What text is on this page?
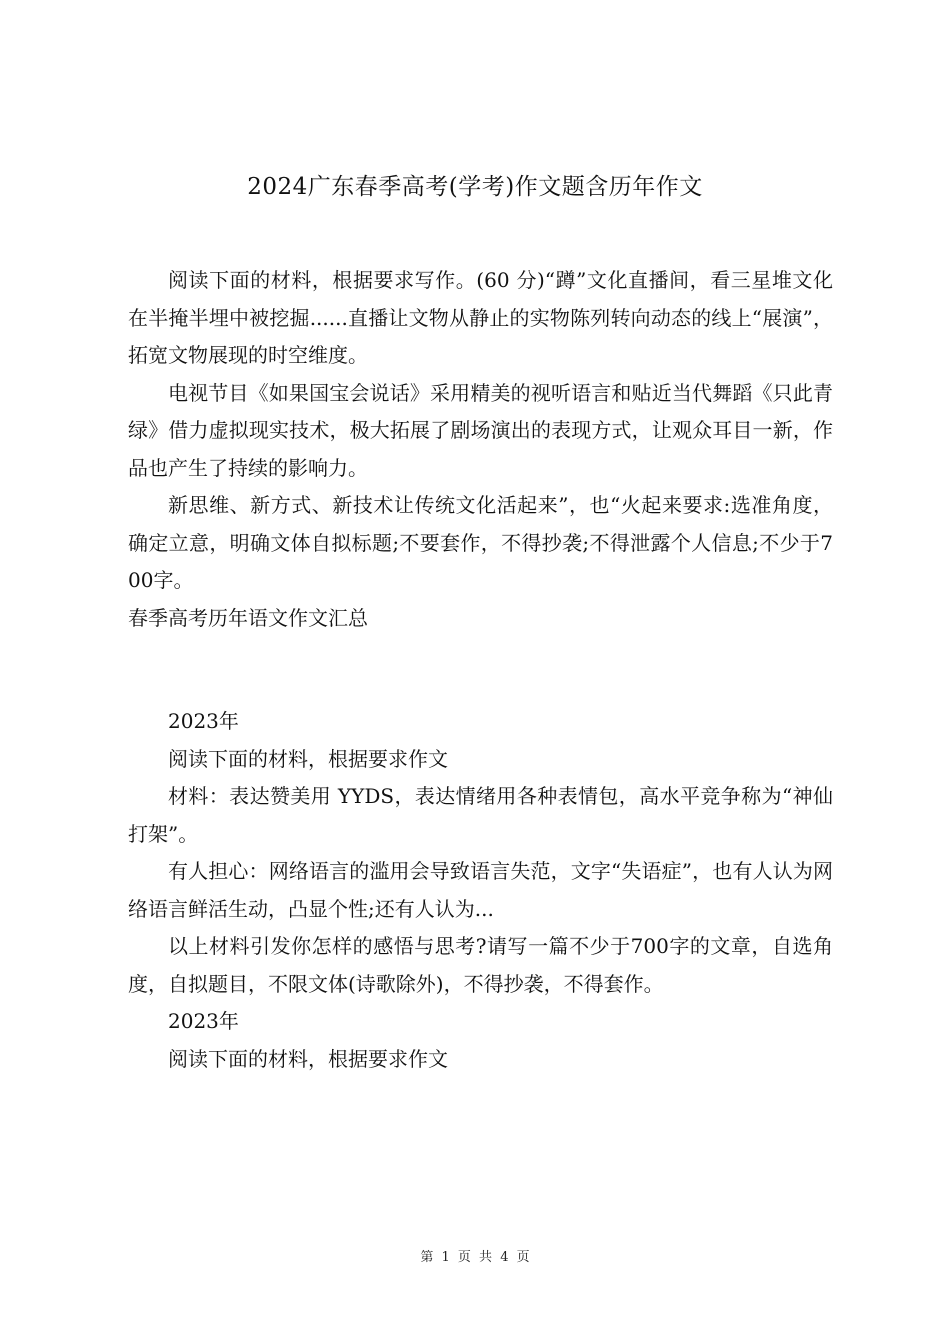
2024广东春季高考(学考)作文题含历年作文

阅读下面的材料，根据要求写作。(60 分)“蹲”文化直播间，看三星堆文化在半掩半埋中被挖掘......直播让文物从静止的实物陈列转向动态的线上“展演”，拓宽文物展现的时空维度。

电视节目《如果国宝会说话》采用精美的视听语言和贴近当代舞蹈《只此青绿》借力虚拟现实技术，极大拓展了剧场演出的表现方式，让观众耳目一新，作品也产生了持续的影响力。

新思维、新方式、新技术让传统文化活起来”，也“火起来要求:选准角度，确定立意，明确文体自拟标题;不要套作，不得抄袭;不得泄露个人信息;不少于700字。

春季高考历年语文作文汇总

2023年

阅读下面的材料，根据要求作文

材料：表达赞美用 YYDS，表达情绪用各种表情包，高水平竞争称为“神仙打架”。

有人担心：网络语言的滥用会导致语言失范，文字“失语症”，也有人认为网络语言鲜活生动，凸显个性;还有人认为...

以上材料引发你怎样的感悟与思考?请写一篇不少于700字的文章，自选角度，自拟题目，不限文体(诗歌除外)，不得抄袭，不得套作。

2023年

阅读下面的材料，根据要求作文

第 1 页 共 4 页
